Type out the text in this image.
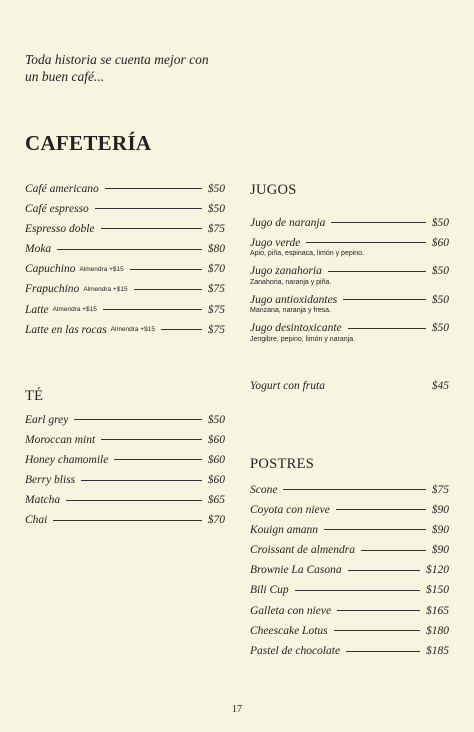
Toda historia se cuenta mejor con
un buen café...
CAFETERÍA
Café americano	$50
Café espresso	$50
Espresso doble	$75
Moka	$80
Capuchino Almendra +$15	$70
Frapuchino Almendra +$15	$75
Latte Almendra +$15	$75
Latte en las rocas Almendra +$15	$75
TÉ
Earl grey	$50
Moroccan mint	$60
Honey chamomile	$60
Berry bliss	$60
Matcha	$65
Chai	$70
JUGOS
Jugo de naranja	$50
Jugo verde	$60
Apio, piña, espinaca, limón y pepino.
Jugo zanahoria	$50
Zanahoria, naranja y piña.
Jugo antioxidantes	$50
Manzana, naranja y fresa.
Jugo desintoxicante	$50
Jengibre, pepino, limón y naranja.
Yogurt con fruta	$45
POSTRES
Scone	$75
Coyota con nieve	$90
Kouign amann	$90
Croissant de almendra	$90
Brownie La Casona	$120
Bili Cup	$150
Galleta con nieve	$165
Cheescake Lotus	$180
Pastel de chocolate	$185
17
